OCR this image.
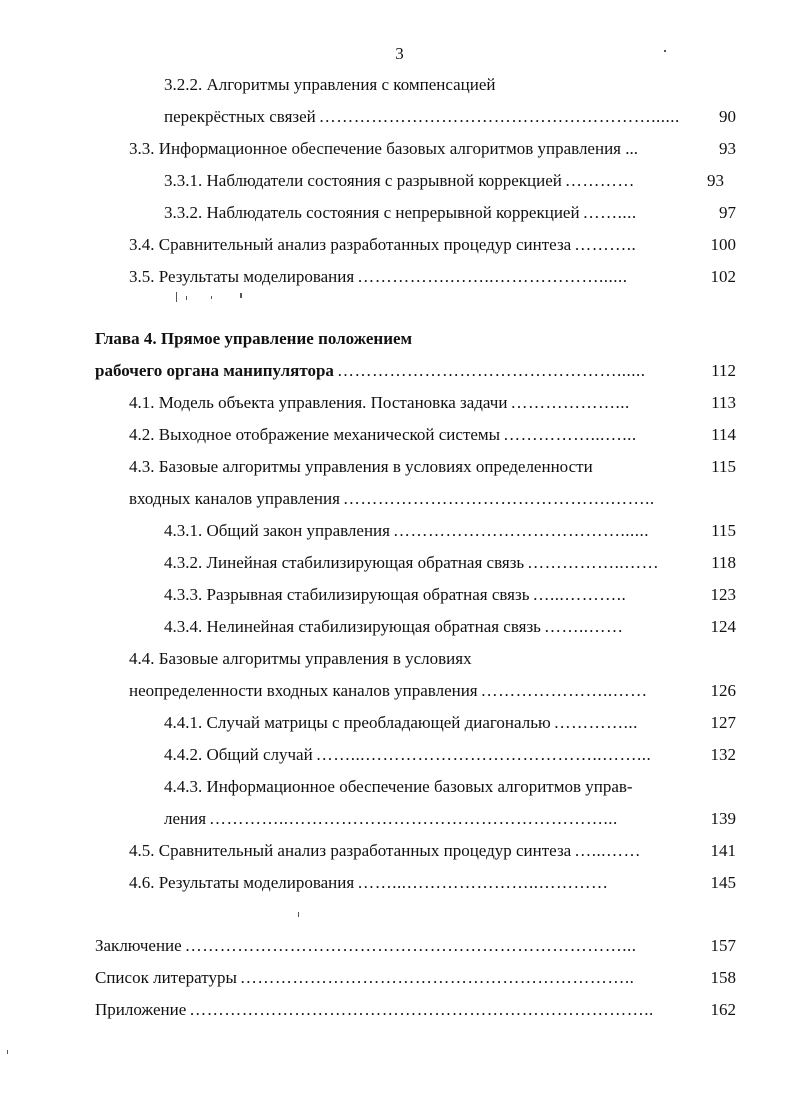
3
3.2.2. Алгоритмы управления с компенсацией
перекрёстных связей …………………………………………………......	90
3.3. Информационное обеспечение базовых алгоритмов управления ...	93
3.3.1. Наблюдатели состояния с разрывной коррекцией …………	93
3.3.2. Наблюдатель состояния с непрерывной коррекцией ……....	97
3.4. Сравнительный анализ разработанных процедур синтеза ………..	100
3.5. Результаты моделирования …………….……..………………......	102
Глава 4. Прямое управление положением
рабочего органа манипулятора …………………………………………......	112
4.1. Модель объекта управления. Постановка задачи ………………...	113
4.2. Выходное отображение механической системы ……………...…...	114
4.3. Базовые алгоритмы управления в условиях определенности	115
входных каналов управления ……………………………………….……..
4.3.1. Общий закон управления …………………………………......	115
4.3.2. Линейная стабилизирующая обратная связь ……………..……	118
4.3.3. Разрывная стабилизирующая обратная связь …...………..	123
4.3.4. Нелинейная стабилизирующая обратная связь ……..……	124
4.4. Базовые алгоритмы управления в условиях
неопределенности входных каналов управления …………………..……	126
4.4.1. Случай матрицы с преобладающей диагональю …………...	127
4.4.2. Общий случай ……...…………………………………..……...	132
4.4.3. Информационное обеспечение базовых алгоритмов управ-
ления …………..………………………………………………...	139
4.5. Сравнительный анализ разработанных процедур синтеза …...……	141
4.6. Результаты моделирования ……...…………………..…………	145
Заключение …………………………………………………………………...	157
Список литературы …………………………………………………………..	158
Приложение ……………………………………………………………………..	162
